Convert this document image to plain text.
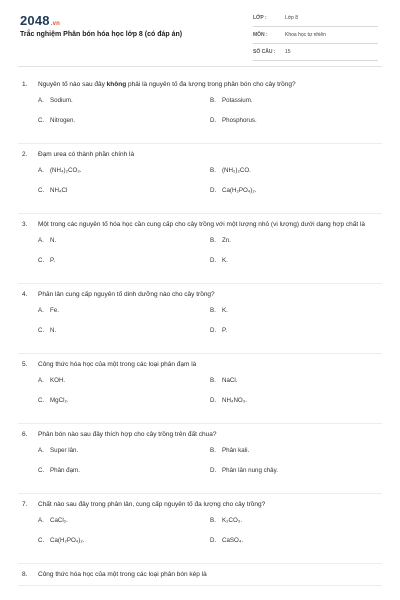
2048.vn
Trắc nghiệm Phân bón hóa học lớp 8 (có đáp án)
LỚP :	Lớp 8
MÔN :	Khoa học tự nhiên
SỐ CÂU : 15
1. Nguyên tố nào sau đây không phải là nguyên tố đa lượng trong phân bón cho cây trồng?
A. Sodium.	B. Potassium.
C. Nitrogen.	D. Phosphorus.
2. Đạm urea có thành phần chính là
A. (NH₄)₂CO₃.	B. (NH₂)₂CO.
C. NH₄Cl	D. Ca(H₂PO₄)₂.
3. Một trong các nguyên tố hóa học cần cung cấp cho cây trồng với một lượng nhỏ (vi lượng) dưới dạng hợp chất là
A. N.	B. Zn.
C. P.	D. K.
4. Phân lân cung cấp nguyên tố dinh dưỡng nào cho cây trồng?
A. Fe.	B. K.
C. N.	D. P.
5. Công thức hóa học của một trong các loại phân đạm là
A. KOH.	B. NaCl.
C. MgCl₂.	D. NH₄NO₃.
6. Phân bón nào sau đây thích hợp cho cây trồng trên đất chua?
A. Super lân.	B. Phân kali.
C. Phân đạm.	D. Phân lân nung chảy.
7. Chất nào sau đây trong phân lân, cung cấp nguyên tố đa lượng cho cây trồng?
A. CaCl₂.	B. K₂CO₃.
C. Ca(H₂PO₄)₂.	D. CaSO₄.
8. Công thức hóa học của một trong các loại phân bón kép là
